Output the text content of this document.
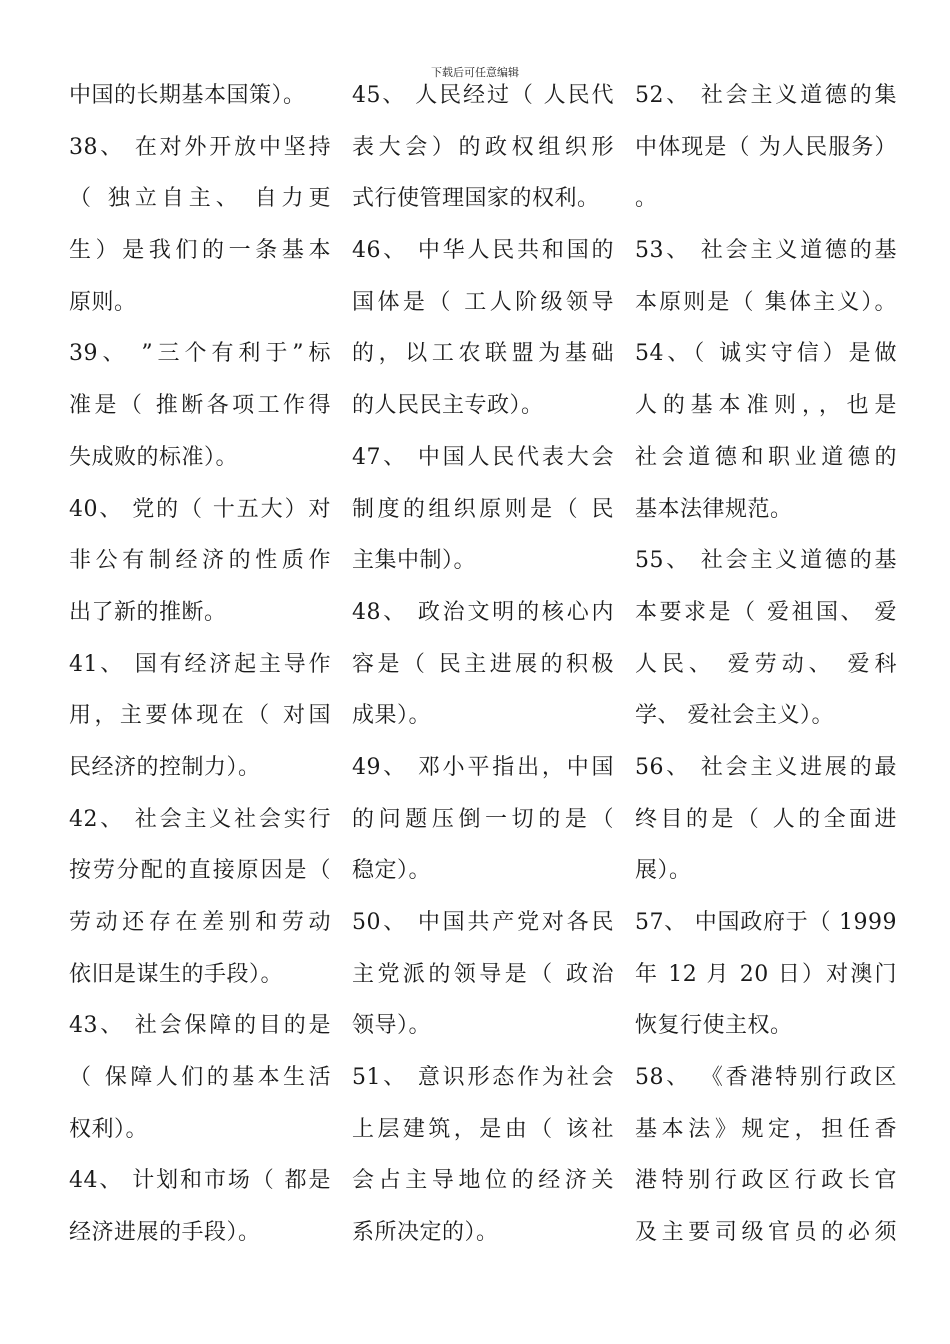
下载后可任意编辑
中国的长期基本国策）。
38、 在对外开放中坚持
（ 独立自主、 自力更
生）是我们的一条基本
原则。
39、 ”三个有利于”标
准是（ 推断各项工作得
失成败的标准）。
40、 党的（ 十五大）对
非公有制经济的性质作
出了新的推断。
41、 国有经济起主导作
用，主要体现在（ 对国
民经济的控制力）。
42、 社会主义社会实行
按劳分配的直接原因是（
劳动还存在差别和劳动
依旧是谋生的手段）。
43、 社会保障的目的是
（ 保障人们的基本生活
权利）。
44、 计划和市场（ 都是
经济进展的手段）。
45、 人民经过（ 人民代
表大会）的政权组织形
式行使管理国家的权利。
46、 中华人民共和国的
国体是（ 工人阶级领导
的，以工农联盟为基础
的人民民主专政）。
47、 中国人民代表大会
制度的组织原则是（ 民
主集中制）。
48、 政治文明的核心内
容是（ 民主进展的积极
成果）。
49、 邓小平指出，中国
的问题压倒一切的是（
稳定）。
50、 中国共产党对各民
主党派的领导是（ 政治
领导）。
51、 意识形态作为社会
上层建筑，是由（ 该社
会占主导地位的经济关
系所决定的）。
52、 社会主义道德的集
中体现是（ 为人民服务）
。
53、 社会主义道德的基
本原则是（ 集体主义）。
54、（ 诚实守信）是做
人的基本准则，，也是
社会道德和职业道德的
基本法律规范。
55、 社会主义道德的基
本要求是（ 爱祖国、 爱
人民、 爱劳动、 爱科
学、 爱社会主义）。
56、 社会主义进展的最
终目的是（ 人的全面进
展）。
57、 中国政府于（ 1999
年 12 月 20 日）对澳门
恢复行使主权。
58、 《香港特别行政区
基本法》规定，担任香
港特别行政区行政长官
及主要司级官员的必须
